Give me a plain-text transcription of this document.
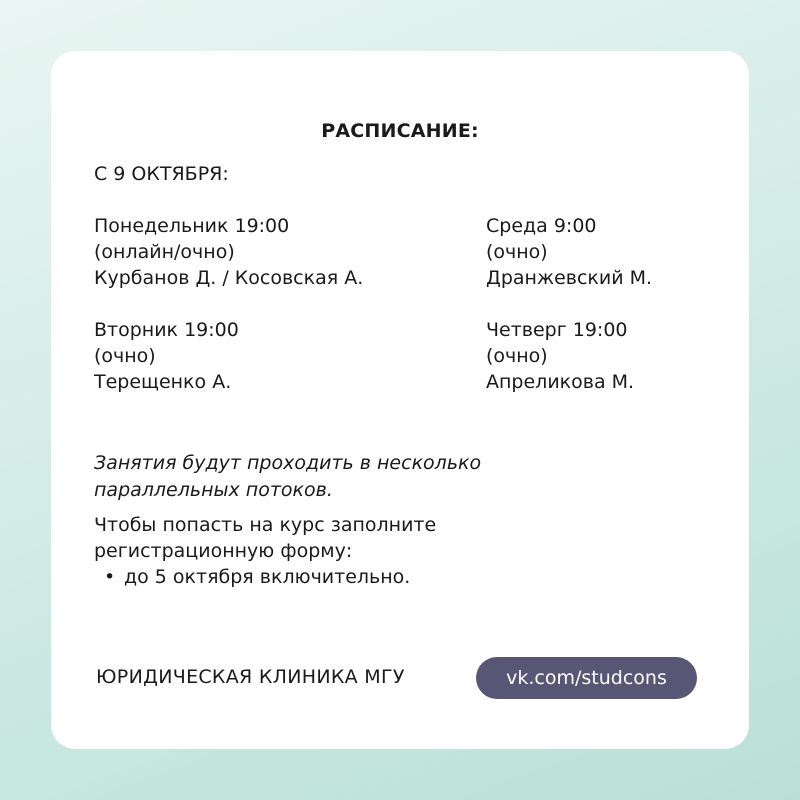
РАСПИСАНИЕ:
С 9 ОКТЯБРЯ:
Понедельник 19:00
(онлайн/очно)
Курбанов Д. / Косовская А.
Среда 9:00
(очно)
Дранжевский М.
Вторник 19:00
(очно)
Терещенко А.
Четверг 19:00
(очно)
Апреликова М.
Занятия будут проходить в несколько
параллельных потоков.
Чтобы попасть на курс заполните
регистрационную форму:
• до 5 октября включительно.
ЮРИДИЧЕСКАЯ КЛИНИКА МГУ	vk.com/studcons
